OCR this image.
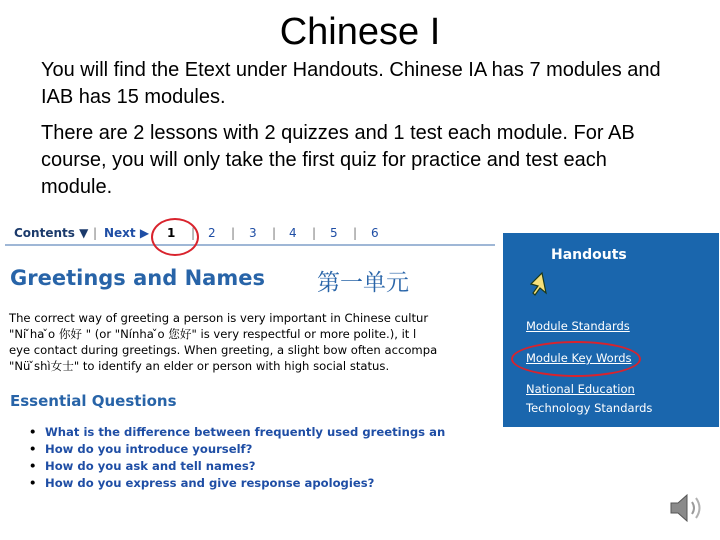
Chinese I

You will find the Etext under Handouts. Chinese IA has 7 modules and IAB has 15 modules.

There are 2 lessons with 2 quizzes and 1 test each module. For AB course, you will only take the first quiz for practice and test each module.

Contents ▼ | Next ▶ 1 | 2 | 3 | 4 | 5 | 6
Greetings and Names 第一单元

The correct way of greeting a person is very important in Chinese cultur
"Ni ̌ha ̌o 你好 " (or "Nínha ̌o 您好" is very respectful or more polite.), it l
eye contact during greetings. When greeting, a slight bow often accompa
"Nü ̌shì女士" to identify an elder or person with high social status.

Essential Questions
• What is the difference between frequently used greetings an
• How do you introduce yourself?
• How do you ask and tell names?
• How do you express and give response apologies?
Handouts
Module Standards
Module Key Words
National Education
Technology Standards
